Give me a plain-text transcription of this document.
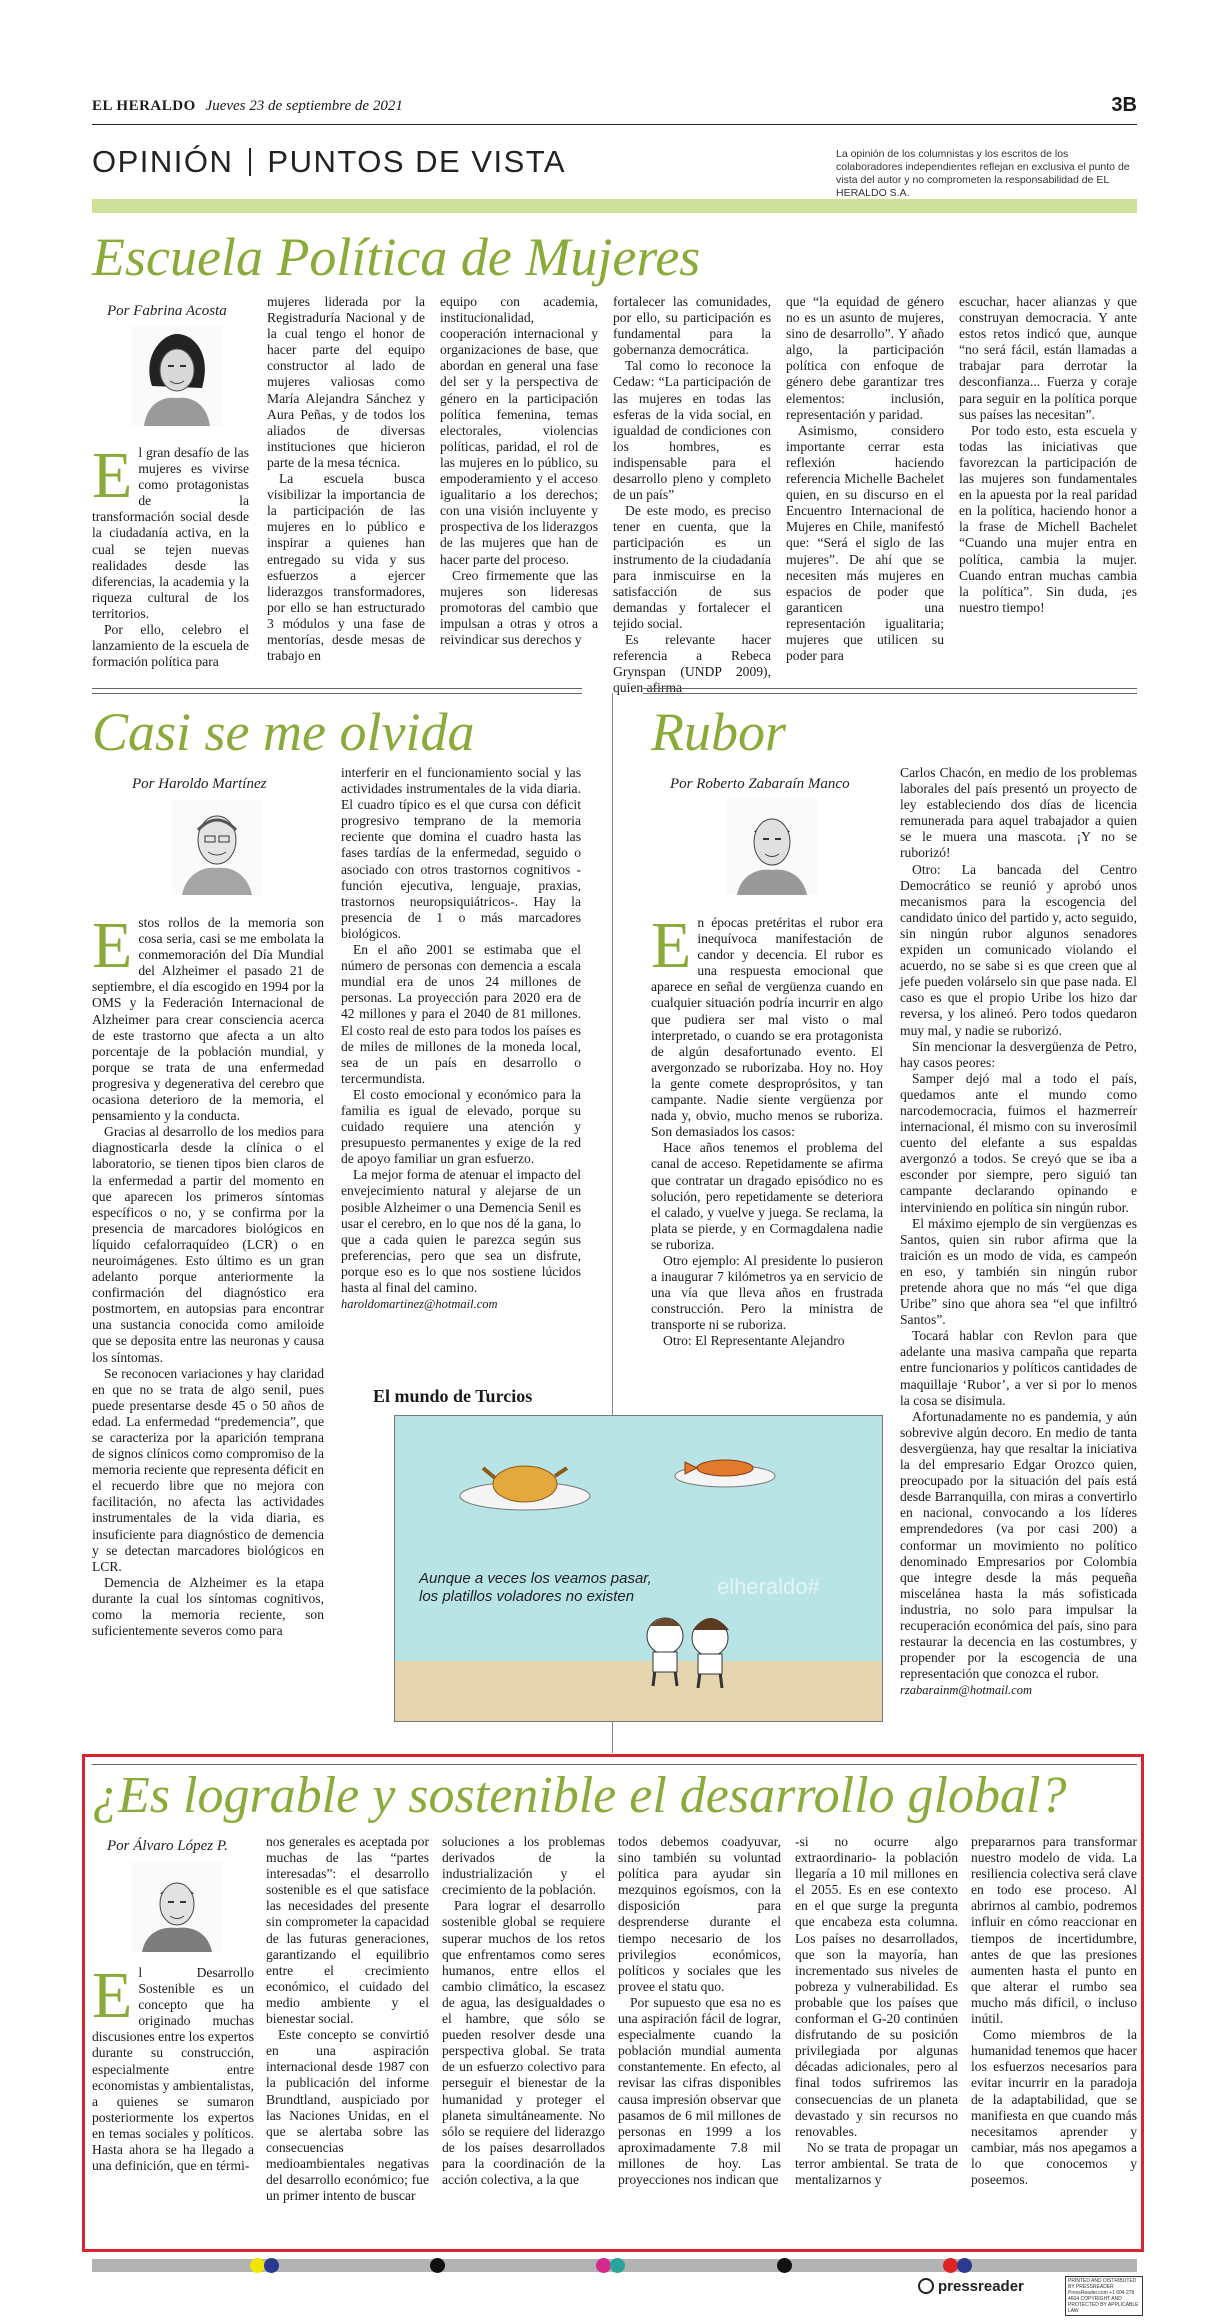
EL HERALDO Jueves 23 de septiembre de 2021	3B
OPINIÓN PUNTOS DE VISTA	La opinión de los columnistas y los escritos de los colaboradores independientes reflejan en exclusiva el punto de vista del autor y no comprometen la responsabilidad de EL HERALDO S.A.
Escuela Política de Mujeres
Por Fabrina Acosta
E l gran desafío de las mujeres es vivirse como protagonistas de la transformación social desde la ciudadanía activa, en la cual se tejen nuevas realidades desde las diferencias, la academia y la riqueza cultural de los territorios.

Por ello, celebro el lanzamiento de la escuela de formación política para

mujeres liderada por la Registraduría Nacional y de la cual tengo el honor de hacer parte del equipo constructor al lado de mujeres valiosas como María Alejandra Sánchez y Aura Peñas, y de todos los aliados de diversas instituciones que hicieron parte de la mesa técnica.

La escuela busca visibilizar la importancia de la participación de las mujeres en lo público e inspirar a quienes han entregado su vida y sus esfuerzos a ejercer liderazgos transformadores, por ello se han estructurado 3 módulos y una fase de mentorías, desde mesas de trabajo en

equipo con academia, institucionalidad, cooperación internacional y organizaciones de base, que abordan en general una fase del ser y la perspectiva de género en la participación política femenina, temas electorales, violencias políticas, paridad, el rol de las mujeres en lo público, su empoderamiento y el acceso igualitario a los derechos; con una visión incluyente y prospectiva de los liderazgos de las mujeres que han de hacer parte del proceso.

Creo firmemente que las mujeres son lideresas promotoras del cambio que impulsan a otras y otros a reivindicar sus derechos y

fortalecer las comunidades, por ello, su participación es fundamental para la gobernanza democrática.

Tal como lo reconoce la Cedaw: “La participación de las mujeres en todas las esferas de la vida social, en igualdad de condiciones con los hombres, es indispensable para el desarrollo pleno y completo de un país”

De este modo, es preciso tener en cuenta, que la participación es un instrumento de la ciudadanía para inmiscuirse en la satisfacción de sus demandas y fortalecer el tejido social.

Es relevante hacer referencia a Rebeca Grynspan (UNDP 2009), quien afirma

que “la equidad de género no es un asunto de mujeres, sino de desarrollo”. Y añado algo, la participación política con enfoque de género debe garantizar tres elementos: inclusión, representación y paridad.

Asimismo, considero importante cerrar esta reflexión haciendo referencia Michelle Bachelet quien, en su discurso en el Encuentro Internacional de Mujeres en Chile, manifestó que: “Será el siglo de las mujeres”. De ahí que se necesiten más mujeres en espacios de poder que garanticen una representación igualitaria; mujeres que utilicen su poder para

escuchar, hacer alianzas y que construyan democracia. Y ante estos retos indicó que, aunque “no será fácil, están llamadas a trabajar para derrotar la desconfianza... Fuerza y coraje para seguir en la política porque sus países las necesitan”.

Por todo esto, esta escuela y todas las iniciativas que favorezcan la participación de las mujeres son fundamentales en la apuesta por la real paridad en la política, haciendo honor a la frase de Michell Bachelet “Cuando una mujer entra en política, cambia la mujer. Cuando entran muchas cambia la política”. Sin duda, ¡es nuestro tiempo!

Casi se me olvida
Por Haroldo Martínez
E stos rollos de la memoria son cosa seria, casi se me embolata la conmemoración del Día Mundial del Alzheimer el pasado 21 de septiembre, el día escogido en 1994 por la OMS y la Federación Internacional de Alzheimer para crear consciencia acerca de este trastorno que afecta a un alto porcentaje de la población mundial, y porque se trata de una enfermedad progresiva y degenerativa del cerebro que ocasiona deterioro de la memoria, el pensamiento y la conducta.

Gracias al desarrollo de los medios para diagnosticarla desde la clínica o el laboratorio, se tienen tipos bien claros de la enfermedad a partir del momento en que aparecen los primeros síntomas específicos o no, y se confirma por la presencia de marcadores biológicos en líquido cefalorraquídeo (LCR) o en neuroimágenes. Esto último es un gran adelanto porque anteriormente la confirmación del diagnóstico era postmortem, en autopsias para encontrar una sustancia conocida como amiloide que se deposita entre las neuronas y causa los síntomas.

Se reconocen variaciones y hay claridad en que no se trata de algo senil, pues puede presentarse desde 45 o 50 años de edad. La enfermedad “predemencia”, que se caracteriza por la aparición temprana de signos clínicos como compromiso de la memoria reciente que representa déficit en el recuerdo libre que no mejora con facilitación, no afecta las actividades instrumentales de la vida diaria, es insuficiente para diagnóstico de demencia y se detectan marcadores biológicos en LCR.

Demencia de Alzheimer es la etapa durante la cual los síntomas cognitivos, como la memoria reciente, son suficientemente severos como para

interferir en el funcionamiento social y las actividades instrumentales de la vida diaria. El cuadro típico es el que cursa con déficit progresivo temprano de la memoria reciente que domina el cuadro hasta las fases tardías de la enfermedad, seguido o asociado con otros trastornos cognitivos -función ejecutiva, lenguaje, praxias, trastornos neuropsiquiátricos-. Hay la presencia de 1 o más marcadores biológicos.

En el año 2001 se estimaba que el número de personas con demencia a escala mundial era de unos 24 millones de personas. La proyección para 2020 era de 42 millones y para el 2040 de 81 millones. El costo real de esto para todos los países es de miles de millones de la moneda local, sea de un país en desarrollo o tercermundista.

El costo emocional y económico para la familia es igual de elevado, porque su cuidado requiere una atención y presupuesto permanentes y exige de la red de apoyo familiar un gran esfuerzo.

La mejor forma de atenuar el impacto del envejecimiento natural y alejarse de un posible Alzheimer o una Demencia Senil es usar el cerebro, en lo que nos dé la gana, lo que a cada quien le parezca según sus preferencias, pero que sea un disfrute, porque eso es lo que nos sostiene lúcidos hasta al final del camino.

haroldomartinez@hotmail.com

Rubor
Por Roberto Zabaraín Manco
E n épocas pretéritas el rubor era inequívoca manifestación de candor y decencia. El rubor es una respuesta emocional que aparece en señal de vergüenza cuando en cualquier situación podría incurrir en algo que pudiera ser mal visto o mal interpretado, o cuando se era protagonista de algún desafortunado evento. El avergonzado se ruborizaba. Hoy no. Hoy la gente comete desproprósitos, y tan campante. Nadie siente vergüenza por nada y, obvio, mucho menos se ruboriza. Son demasiados los casos:

Hace años tenemos el problema del canal de acceso. Repetidamente se afirma que contratar un dragado episódico no es solución, pero repetidamente se deteriora el calado, y vuelve y juega. Se reclama, la plata se pierde, y en Cormagdalena nadie se ruboriza.

Otro ejemplo: Al presidente lo pusieron a inaugurar 7 kilómetros ya en servicio de una vía que lleva años en frustrada construcción. Pero la ministra de transporte ni se ruboriza.

Otro: El Representante Alejandro

Carlos Chacón, en medio de los problemas laborales del país presentó un proyecto de ley estableciendo dos días de licencia remunerada para aquel trabajador a quien se le muera una mascota. ¡Y no se ruborizó!

Otro: La bancada del Centro Democrático se reunió y aprobó unos mecanismos para la escogencia del candidato único del partido y, acto seguido, sin ningún rubor algunos senadores expiden un comunicado violando el acuerdo, no se sabe si es que creen que al jefe pueden volárselo sin que pase nada. El caso es que el propio Uribe los hizo dar reversa, y los alineó. Pero todos quedaron muy mal, y nadie se ruborizó.

Sin mencionar la desvergüenza de Petro, hay casos peores:

Samper dejó mal a todo el país, quedamos ante el mundo como narcodemocracia, fuimos el hazmerreír internacional, él mismo con su inverosímil cuento del elefante a sus espaldas avergonzó a todos. Se creyó que se iba a esconder por siempre, pero siguió tan campante declarando opinando e interviniendo en política sin ningún rubor.

El máximo ejemplo de sin vergüenzas es Santos, quien sin rubor afirma que la traición es un modo de vida, es campeón en eso, y también sin ningún rubor pretende ahora que no más “el que diga Uribe” sino que ahora sea “el que infiltró Santos”.

Tocará hablar con Revlon para que adelante una masiva campaña que reparta entre funcionarios y políticos cantidades de maquillaje ‘Rubor’, a ver si por lo menos la cosa se disimula.

Afortunadamente no es pandemia, y aún sobrevive algún decoro. En medio de tanta desvergüenza, hay que resaltar la iniciativa la del empresario Edgar Orozco quien, preocupado por la situación del país está desde Barranquilla, con miras a convertirlo en nacional, convocando a los líderes emprendedores (va por casi 200) a conformar un movimiento no político denominado Empresarios por Colombia que integre desde la más pequeña miscelánea hasta la más sofisticada industria, no solo para impulsar la recuperación económica del país, sino para restaurar la decencia en las costumbres, y propender por la escogencia de una representación que conozca el rubor.

rzabarainm@hotmail.com

El mundo de Turcios
elheraldo#
Aunque a veces los veamos pasar,
los platillos voladores no existen
¿Es lograble y sostenible el desarrollo global?
Por Álvaro López P.
E l Desarrollo Sostenible es un concepto que ha originado muchas discusiones entre los expertos durante su construcción, especialmente entre economistas y ambientalistas, a quienes se sumaron posteriormente los expertos en temas sociales y políticos. Hasta ahora se ha llegado a una definición, que en térmi-

nos generales es aceptada por muchas de las “partes interesadas”: el desarrollo sostenible es el que satisface las necesidades del presente sin comprometer la capacidad de las futuras generaciones, garantizando el equilibrio entre el crecimiento económico, el cuidado del medio ambiente y el bienestar social.

Este concepto se convirtió en una aspiración internacional desde 1987 con la publicación del informe Brundtland, auspiciado por las Naciones Unidas, en el que se alertaba sobre las consecuencias medioambientales negativas del desarrollo económico; fue un primer intento de buscar

soluciones a los problemas derivados de la industrialización y el crecimiento de la población.

Para lograr el desarrollo sostenible global se requiere superar muchos de los retos que enfrentamos como seres humanos, entre ellos el cambio climático, la escasez de agua, las desigualdades o el hambre, que sólo se pueden resolver desde una perspectiva global. Se trata de un esfuerzo colectivo para perseguir el bienestar de la humanidad y proteger el planeta simultáneamente. No sólo se requiere del liderazgo de los países desarrollados para la coordinación de la acción colectiva, a la que

todos debemos coadyuvar, sino también su voluntad política para ayudar sin mezquinos egoísmos, con la disposición para desprenderse durante el tiempo necesario de los privilegios económicos, políticos y sociales que les provee el statu quo.

Por supuesto que esa no es una aspiración fácil de lograr, especialmente cuando la población mundial aumenta constantemente. En efecto, al revisar las cifras disponibles causa impresión observar que pasamos de 6 mil millones de personas en 1999 a los aproximadamente 7.8 mil millones de hoy. Las proyecciones nos indican que

-si no ocurre algo extraordinario- la población llegaría a 10 mil millones en el 2055. Es en ese contexto en el que surge la pregunta que encabeza esta columna. Los países no desarrollados, que son la mayoría, han incrementado sus niveles de pobreza y vulnerabilidad. Es probable que los países que conforman el G-20 continúen disfrutando de su posición privilegiada por algunas décadas adicionales, pero al final todos sufriremos las consecuencias de un planeta devastado y sin recursos no renovables.

No se trata de propagar un terror ambiental. Se trata de mentalizarnos y

prepararnos para transformar nuestro modelo de vida. La resiliencia colectiva será clave en todo ese proceso. Al abrirnos al cambio, podremos influir en cómo reaccionar en tiempos de incertidumbre, antes de que las presiones aumenten hasta el punto en que alterar el rumbo sea mucho más difícil, o incluso inútil.

Como miembros de la humanidad tenemos que hacer los esfuerzos necesarios para evitar incurrir en la paradoja de la adaptabilidad, que se manifiesta en que cuando más necesitamos aprender y cambiar, más nos apegamos a lo que conocemos y poseemos.

pressreader	PRINTED AND DISTRIBUTED BY PRESSREADER PressReader.com +1 604 278 4604 COPYRIGHT AND PROTECTED BY APPLICABLE LAW
